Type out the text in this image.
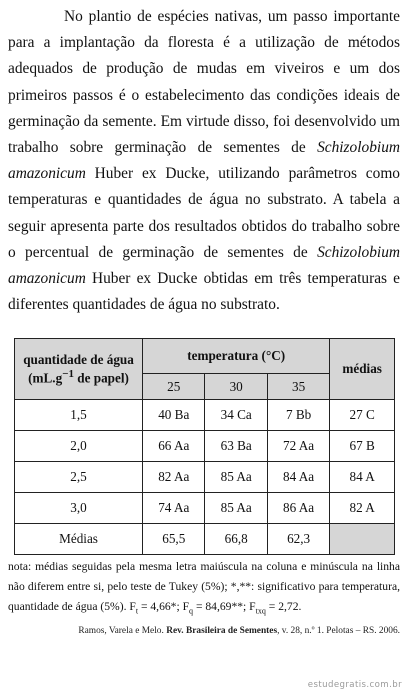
No plantio de espécies nativas, um passo importante para a implantação da floresta é a utilização de métodos adequados de produção de mudas em viveiros e um dos primeiros passos é o estabelecimento das condições ideais de germinação da semente. Em virtude disso, foi desenvolvido um trabalho sobre germinação de sementes de Schizolobium amazonicum Huber ex Ducke, utilizando parâmetros como temperaturas e quantidades de água no substrato. A tabela a seguir apresenta parte dos resultados obtidos do trabalho sobre o percentual de germinação de sementes de Schizolobium amazonicum Huber ex Ducke obtidas em três temperaturas e diferentes quantidades de água no substrato.

quantidade de água
($mL.g^{-1}$ de papel)	temperatura (°C)			médias
	25	30	35	
1,5	40 Ba	34 Ca	7 Bb	27 C
2,0	66 Aa	63 Ba	72 Aa	67 B
2,5	82 Aa	85 Aa	84 Aa	84 A
3,0	74 Aa	85 Aa	86 Aa	82 A
Médias	65,5	66,8	62,3	
nota: médias seguidas pela mesma letra maiúscula na coluna e minúscula na linha não diferem entre si, pelo teste de Tukey (5%); *,**: significativo para temperatura, quantidade de água (5%). $F_t = 4,66*$; $F_q = 84,69**$; $F_{txq} = 2,72$.
Ramos, Varela e Melo. Rev. Brasileira de Sementes, v. 28, n.º 1. Pelotas – RS. 2006.
estudegratis.com.br
